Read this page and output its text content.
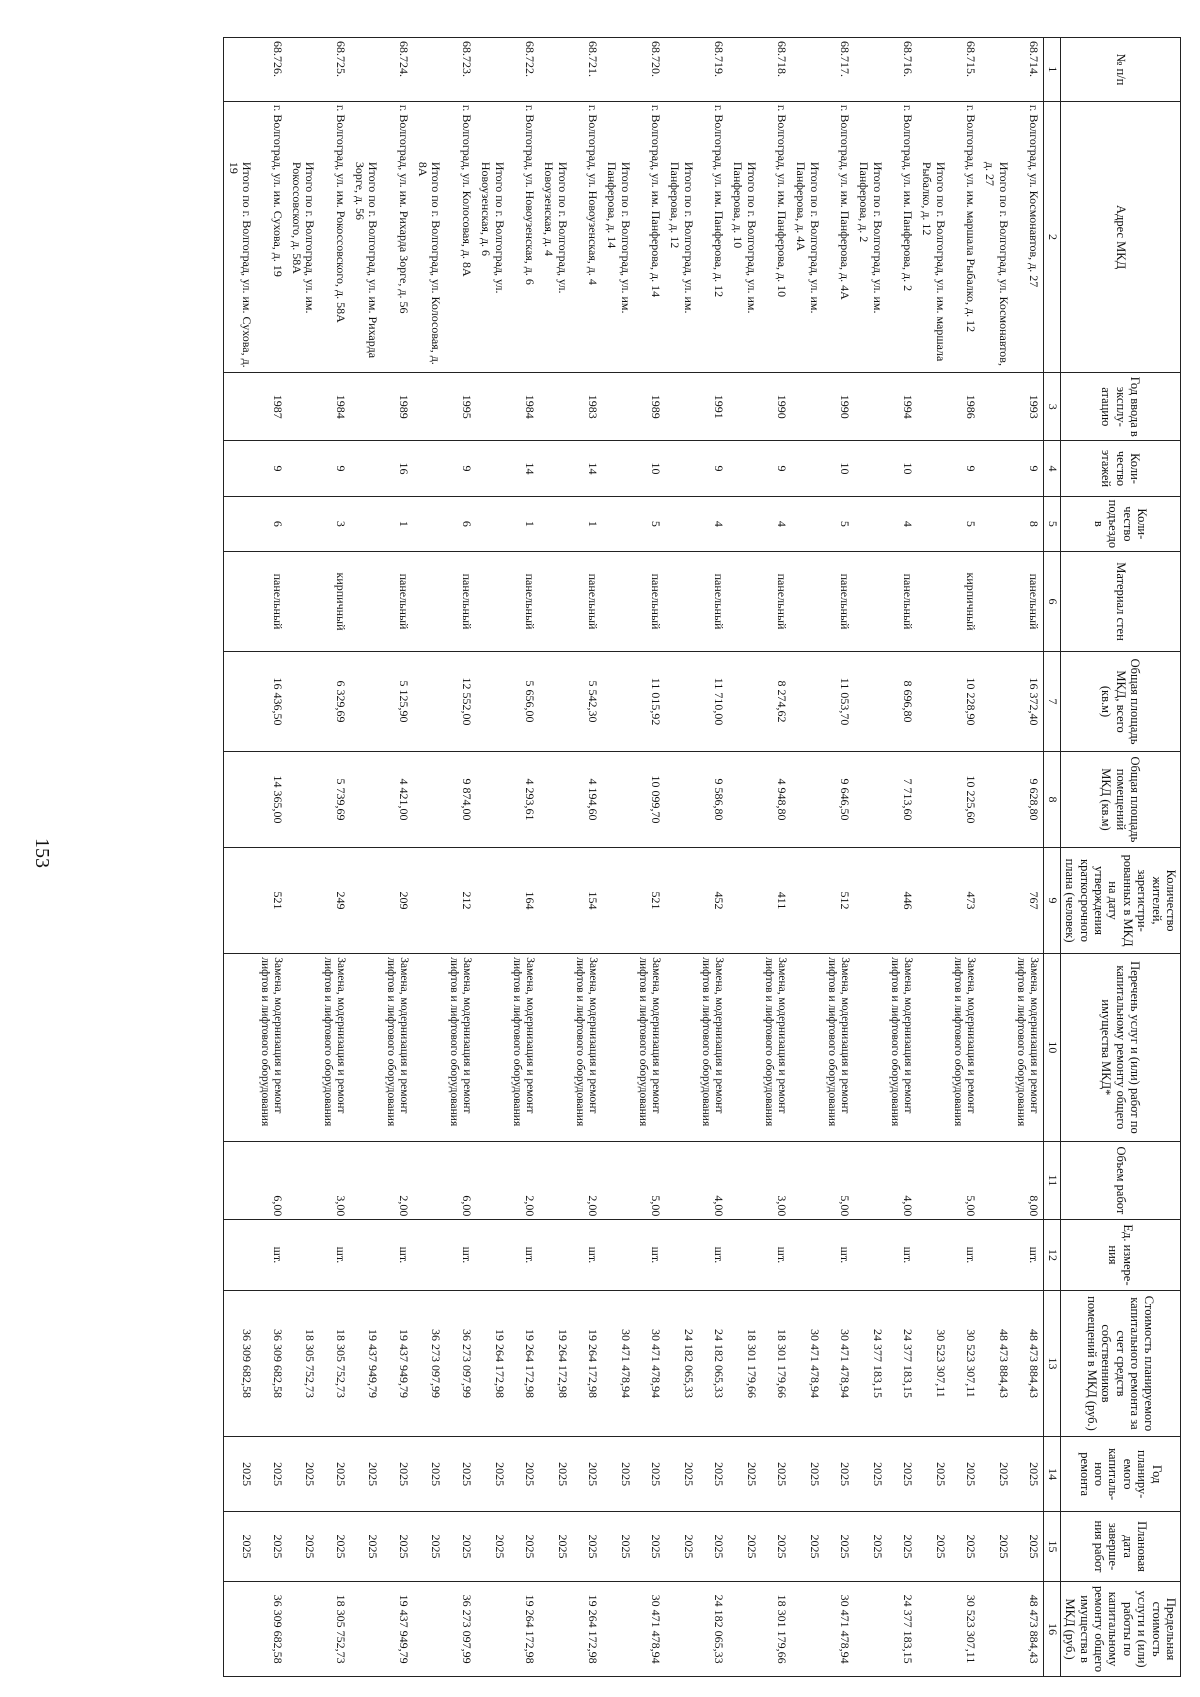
153
№ п/п	Адрес МКД	Год ввода в эксплу-атацию	Коли-чество этажей	Коли-чество подъездо в	Материал стен	Общая площадь МКД, всего (кв.м)	Общая площадь помещений МКД (кв.м)	Количество жителей, зарегистри-рованных в МКД на дату утверждения краткосрочного плана (человек)	Перечень услуг и (или) работ по капитальному ремонту общего имущества МКД*	Объем работ	Ед. измере-ния	Стоимость планируемого капитального ремонта за счет средств собственников помещений в МКД (руб.)	Год планиру-емого капиталь-ного ремонта	Плановая дата заверше-ния работ	Предельная стоимость услуги и (или) работы по капитальному ремонту общего имущества в МКД (руб.)
1	2	3	4	5	6	7	8	9	10	11	12	13	14	15	16
68.714.	г. Волгоград, ул. Космонавтов, д. 27	1993	9	8	панельный	16 372,40	9 628,80	767	Замена, модернизация и ремонт лифтов и лифтового оборудования	8,00	шт.	48 473 884,43	2025	2025	48 473 884,43
	Итого по г. Волгоград, ул. Космонавтов, д. 27											48 473 884,43	2025	2025	
68.715.	г. Волгоград, ул. им. маршала Рыбалко, д. 12	1986	9	5	кирпичный	10 228,90	10 225,60	473	Замена, модернизация и ремонт лифтов и лифтового оборудования	5,00	шт.	30 523 307,11	2025	2025	30 523 307,11
	Итого по г. Волгоград, ул. им. маршала Рыбалко, д. 12											30 523 307,11	2025	2025	
68.716.	г. Волгоград, ул. им. Панферова, д. 2	1994	10	4	панельный	8 696,80	7 713,60	446	Замена, модернизация и ремонт лифтов и лифтового оборудования	4,00	шт.	24 377 183,15	2025	2025	24 377 183,15
	Итого по г. Волгоград, ул. им. Панферова, д. 2											24 377 183,15	2025	2025	
68.717.	г. Волгоград, ул. им. Панферова, д. 4А	1990	10	5	панельный	11 053,70	9 646,50	512	Замена, модернизация и ремонт лифтов и лифтового оборудования	5,00	шт.	30 471 478,94	2025	2025	30 471 478,94
	Итого по г. Волгоград, ул. им. Панферова, д. 4А											30 471 478,94	2025	2025	
68.718.	г. Волгоград, ул. им. Панферова, д. 10	1990	9	4	панельный	8 274,62	4 948,80	411	Замена, модернизация и ремонт лифтов и лифтового оборудования	3,00	шт.	18 301 179,66	2025	2025	18 301 179,66
	Итого по г. Волгоград, ул. им. Панферова, д. 10											18 301 179,66	2025	2025	
68.719.	г. Волгоград, ул. им. Панферова, д. 12	1991	9	4	панельный	11 710,00	9 586,80	452	Замена, модернизация и ремонт лифтов и лифтового оборудования	4,00	шт.	24 182 065,33	2025	2025	24 182 065,33
	Итого по г. Волгоград, ул. им. Панферова, д. 12											24 182 065,33	2025	2025	
68.720.	г. Волгоград, ул. им. Панферова, д. 14	1989	10	5	панельный	11 015,92	10 099,70	521	Замена, модернизация и ремонт лифтов и лифтового оборудования	5,00	шт.	30 471 478,94	2025	2025	30 471 478,94
	Итого по г. Волгоград, ул. им. Панферова, д. 14											30 471 478,94	2025	2025	
68.721.	г. Волгоград, ул. Новоузенская, д. 4	1983	14	1	панельный	5 542,30	4 194,60	154	Замена, модернизация и ремонт лифтов и лифтового оборудования	2,00	шт.	19 264 172,98	2025	2025	19 264 172,98
	Итого по г. Волгоград, ул. Новоузенская, д. 4											19 264 172,98	2025	2025	
68.722.	г. Волгоград, ул. Новоузенская, д. 6	1984	14	1	панельный	5 656,00	4 293,61	164	Замена, модернизация и ремонт лифтов и лифтового оборудования	2,00	шт.	19 264 172,98	2025	2025	19 264 172,98
	Итого по г. Волгоград, ул. Новоузенская, д. 6											19 264 172,98	2025	2025	
68.723.	г. Волгоград, ул. Колосовая, д. 8А	1995	9	6	панельный	12 552,00	9 874,00	212	Замена, модернизация и ремонт лифтов и лифтового оборудования	6,00	шт.	36 273 097,99	2025	2025	36 273 097,99
	Итого по г. Волгоград, ул. Колосовая, д. 8А											36 273 097,99	2025	2025	
68.724.	г. Волгоград, ул. им. Рихарда Зорге, д. 56	1989	16	1	панельный	5 125,90	4 421,00	209	Замена, модернизация и ремонт лифтов и лифтового оборудования	2,00	шт.	19 437 949,79	2025	2025	19 437 949,79
	Итого по г. Волгоград, ул. им. Рихарда Зорге, д. 56											19 437 949,79	2025	2025	
68.725.	г. Волгоград, ул. им. Рокоссовского, д. 58А	1984	9	3	кирпичный	6 329,69	5 739,69	249	Замена, модернизация и ремонт лифтов и лифтового оборудования	3,00	шт.	18 305 752,73	2025	2025	18 305 752,73
	Итого по г. Волгоград, ул. им. Рокоссовского, д. 58А											18 305 752,73	2025	2025	
68.726.	г. Волгоград, ул. им. Сухова, д. 19	1987	9	6	панельный	16 436,50	14 365,00	521	Замена, модернизация и ремонт лифтов и лифтового оборудования	6,00	шт.	36 309 682,58	2025	2025	36 309 682,58
	Итого по г. Волгоград, ул. им. Сухова, д. 19											36 309 682,58	2025	2025	
